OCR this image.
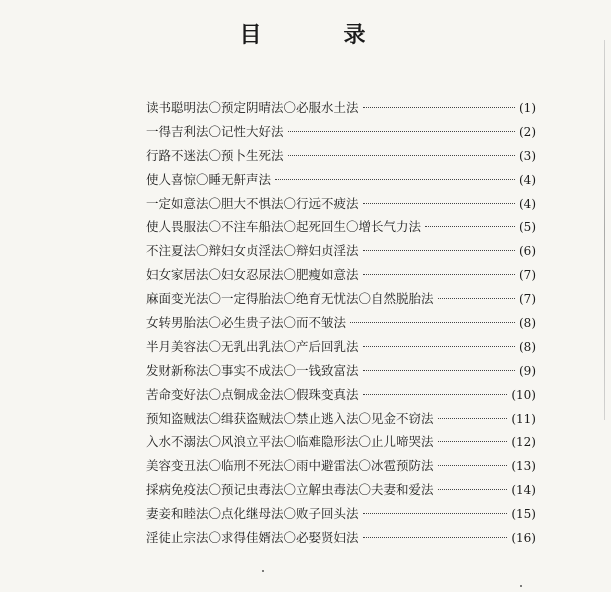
目　录
读书聪明法〇预定阴晴法〇必服水土法	(1)
一得吉利法〇记性大好法	(2)
行路不迷法〇预卜生死法	(3)
使人喜惊〇睡无鼾声法	(4)
一定如意法〇胆大不惧法〇行远不疲法	(4)
使人畏服法〇不注车船法〇起死回生〇增长气力法	(5)
不注夏法〇辩妇女贞淫法〇辩妇贞淫法	(6)
妇女家居法〇妇女忍尿法〇肥瘦如意法	(7)
麻面变光法〇一定得胎法〇绝育无忧法〇自然脱胎法	(7)
女转男胎法〇必生贵子法〇而不皱法	(8)
半月美容法〇无乳出乳法〇产后回乳法	(8)
发财新称法〇事实不成法〇一钱致富法	(9)
苦命变好法〇点铜成金法〇假珠变真法	(10)
预知盗贼法〇缉获盗贼法〇禁止逃入法〇见金不窃法	(11)
入水不溺法〇风浪立平法〇临难隐形法〇止儿啼哭法	(12)
美容变丑法〇临刑不死法〇雨中避雷法〇冰雹预防法	(13)
採病免疫法〇预记虫毒法〇立解虫毒法〇夫妻和爱法	(14)
妻妾和睦法〇点化继母法〇败子回头法	(15)
淫徒止宗法〇求得佳婿法〇必娶贤妇法	(16)
